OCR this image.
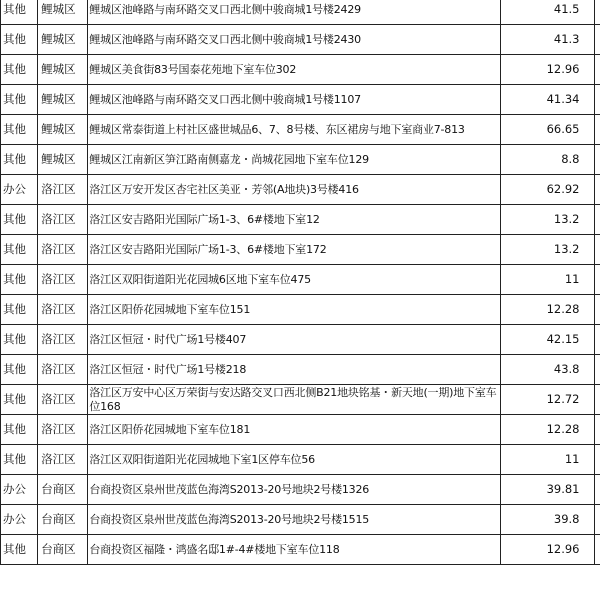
其他	鲤城区	鲤城区池峰路与南环路交叉口西北侧中骏商城1号楼2429	41.5	
其他	鲤城区	鲤城区池峰路与南环路交叉口西北侧中骏商城1号楼2430	41.3	
其他	鲤城区	鲤城区美食街83号国泰花苑地下室车位302	12.96	
其他	鲤城区	鲤城区池峰路与南环路交叉口西北侧中骏商城1号楼1107	41.34	
其他	鲤城区	鲤城区常泰街道上村社区盛世城品6、7、8号楼、东区裙房与地下室商业7-813	66.65	
其他	鲤城区	鲤城区江南新区笋江路南侧嘉龙・尚城花园地下室车位129	8.8	
办公	洛江区	洛江区万安开发区杏宅社区美亚・芳邻(A地块)3号楼416	62.92	
其他	洛江区	洛江区安吉路阳光国际广场1-3、6#楼地下室12	13.2	
其他	洛江区	洛江区安吉路阳光国际广场1-3、6#楼地下室172	13.2	
其他	洛江区	洛江区双阳街道阳光花园城6区地下室车位475	11	
其他	洛江区	洛江区阳侨花园城地下室车位151	12.28	
其他	洛江区	洛江区恒冠・时代广场1号楼407	42.15	
其他	洛江区	洛江区恒冠・时代广场1号楼218	43.8	
其他	洛江区	洛江区万安中心区万荣街与安达路交叉口西北侧B21地块铭基・新天地(一期)地下室车位168	12.72	
其他	洛江区	洛江区阳侨花园城地下室车位181	12.28	
其他	洛江区	洛江区双阳街道阳光花园城地下室1区停车位56	11	
办公	台商区	台商投资区泉州世茂蓝色海湾S2013-20号地块2号楼1326	39.81	
办公	台商区	台商投资区泉州世茂蓝色海湾S2013-20号地块2号楼1515	39.8	
其他	台商区	台商投资区福隆・鸿盛名邸1#-4#楼地下室车位118	12.96	
